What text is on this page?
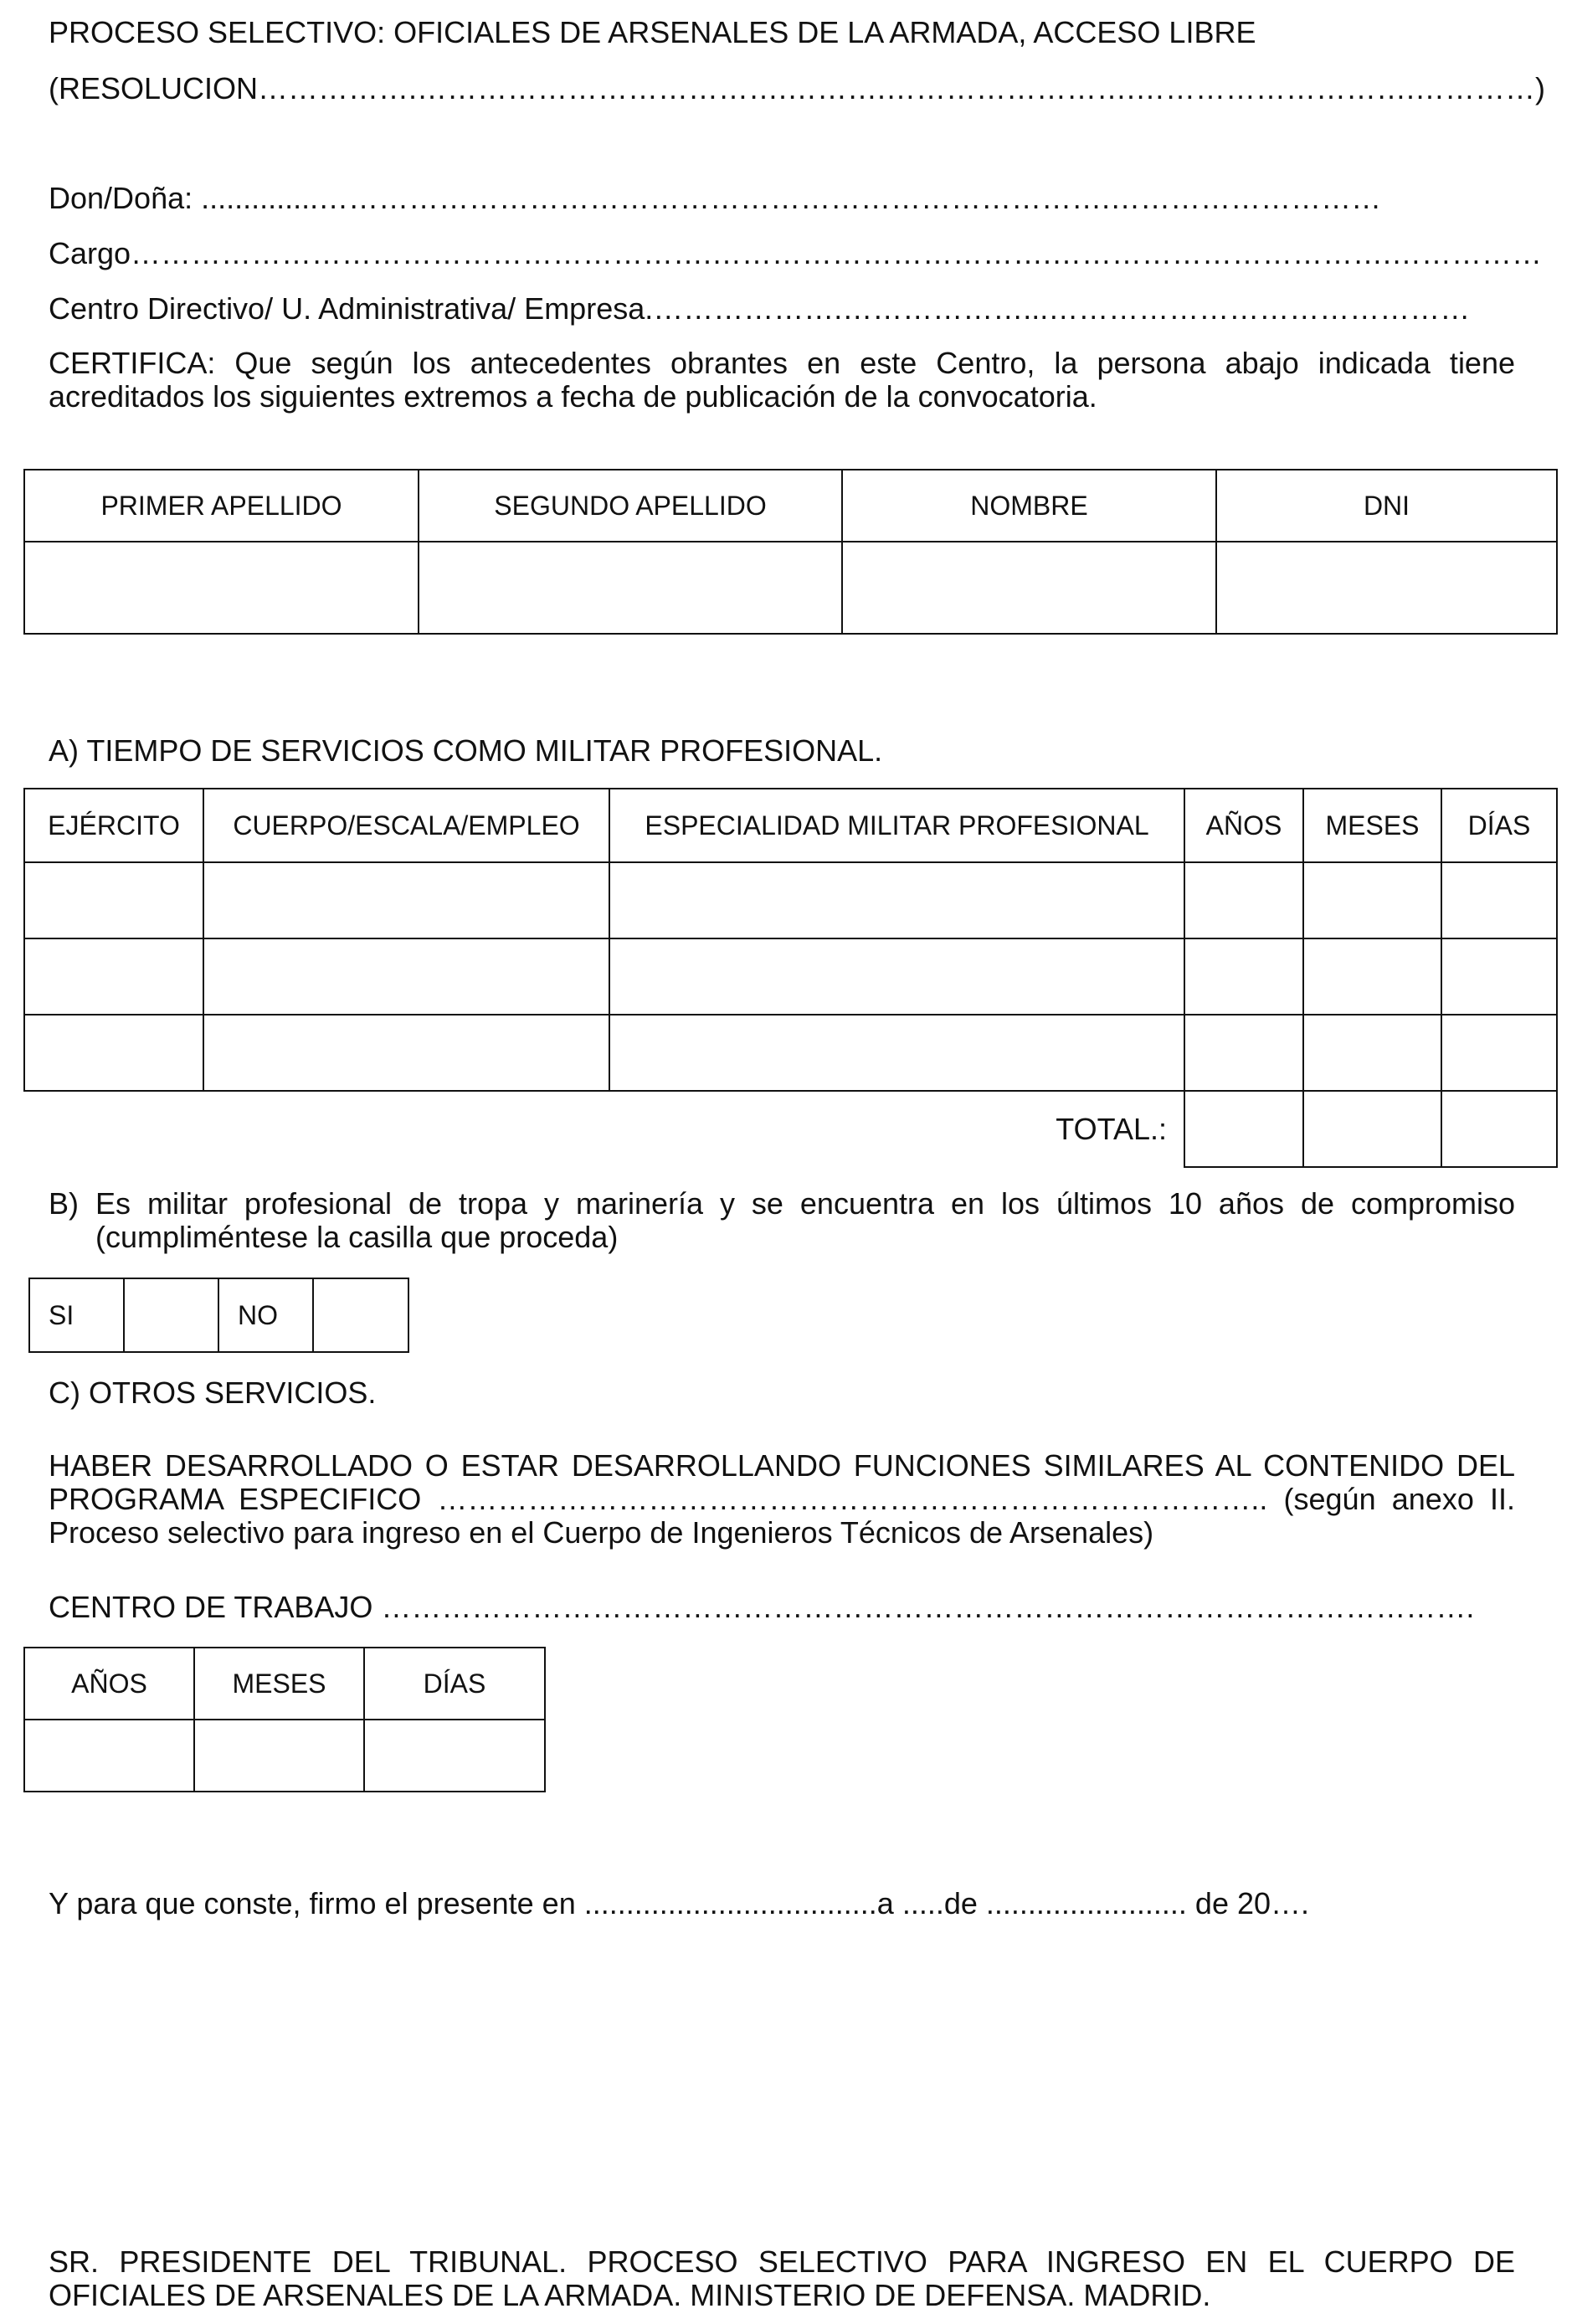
PROCESO SELECTIVO: OFICIALES DE ARSENALES DE LA ARMADA, ACCESO LIBRE

(RESOLUCION…………….……………………………….……….…………………….……………………….…………)

Don/Doña: ..............…………………………………………………………………….………………………

Cargo………………………………………………….…………………………….…………………………….……………

Centro Directivo/ U. Administrativa/ Empresa.……………….………………...……………………………………

CERTIFICA: Que según los antecedentes obrantes en este Centro, la persona abajo indicada tiene acreditados los siguientes extremos a fecha de publicación de la convocatoria.

PRIMER APELLIDO	SEGUNDO APELLIDO	NOMBRE	DNI

A) TIEMPO DE SERVICIOS COMO MILITAR PROFESIONAL.

EJÉRCITO	CUERPO/ESCALA/EMPLEO	ESPECIALIDAD MILITAR PROFESIONAL	AÑOS	MESES	DÍAS

TOTAL.:					

B) Es militar profesional de tropa y marinería y se encuentra en los últimos 10 años de compromiso (cumpliméntese la casilla que proceda)

SI		NO	

C) OTROS SERVICIOS.

HABER DESARROLLADO O ESTAR DESARROLLANDO FUNCIONES SIMILARES AL CONTENIDO DEL PROGRAMA ESPECIFICO ……………………………………………………………………….. (según anexo II. Proceso selectivo para ingreso en el Cuerpo de Ingenieros Técnicos de Arsenales)

CENTRO DE TRABAJO ……………………………………………………………………………………………….

AÑOS	MESES	DÍAS

Y para que conste, firmo el presente en ...................................a .....de ........................ de 20….

SR. PRESIDENTE DEL TRIBUNAL. PROCESO SELECTIVO PARA INGRESO EN EL CUERPO DE OFICIALES DE ARSENALES DE LA ARMADA. MINISTERIO DE DEFENSA. MADRID.
